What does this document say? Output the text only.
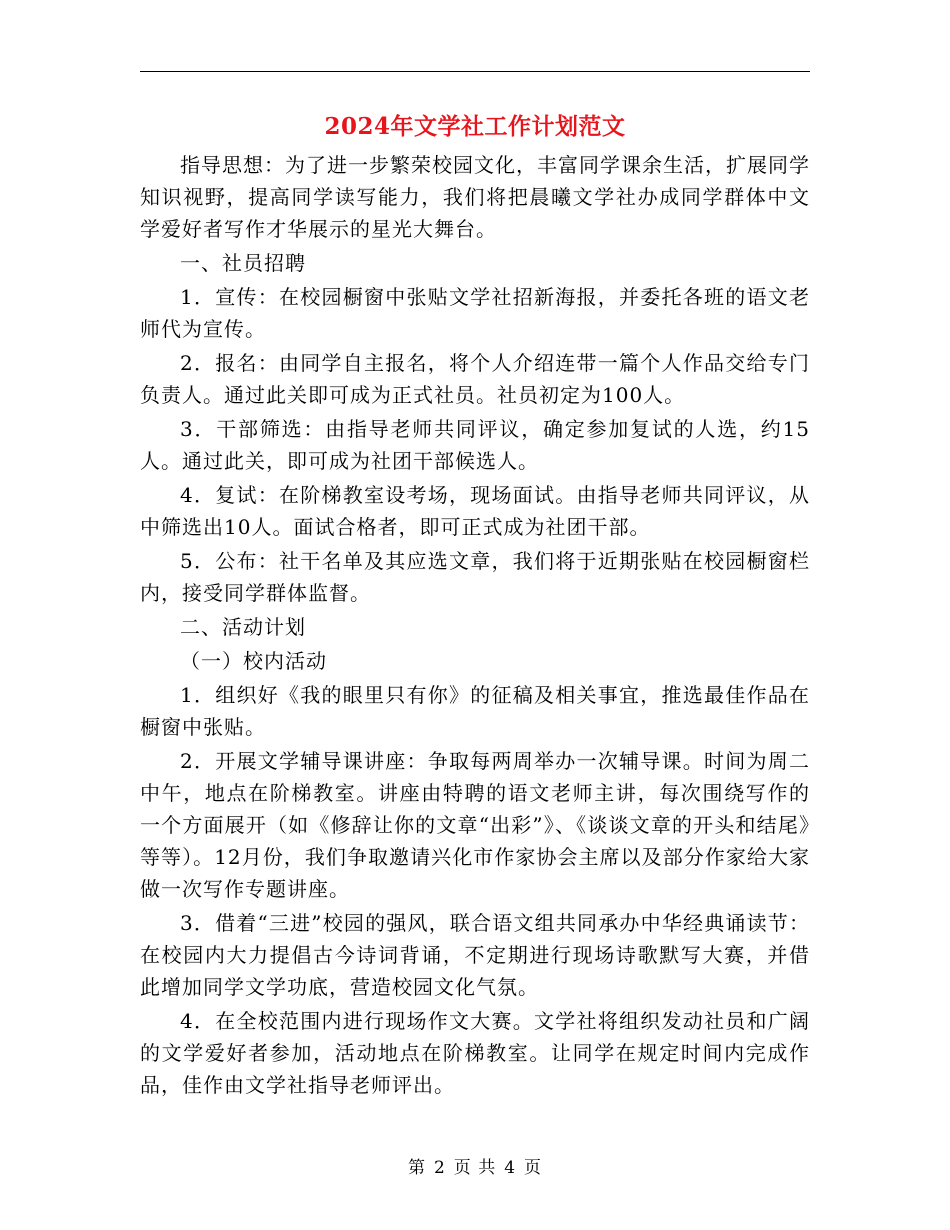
2024年文学社工作计划范文

指导思想：为了进一步繁荣校园文化，丰富同学课余生活，扩展同学知识视野，提高同学读写能力，我们将把晨曦文学社办成同学群体中文学爱好者写作才华展示的星光大舞台。

一、社员招聘

1．宣传：在校园橱窗中张贴文学社招新海报，并委托各班的语文老师代为宣传。

2．报名：由同学自主报名，将个人介绍连带一篇个人作品交给专门负责人。通过此关即可成为正式社员。社员初定为100人。

3．干部筛选：由指导老师共同评议，确定参加复试的人选，约15人。通过此关，即可成为社团干部候选人。

4．复试：在阶梯教室设考场，现场面试。由指导老师共同评议，从中筛选出10人。面试合格者，即可正式成为社团干部。

5．公布：社干名单及其应选文章，我们将于近期张贴在校园橱窗栏内，接受同学群体监督。

二、活动计划

（一）校内活动

1．组织好《我的眼里只有你》的征稿及相关事宜，推选最佳作品在橱窗中张贴。

2．开展文学辅导课讲座：争取每两周举办一次辅导课。时间为周二中午，地点在阶梯教室。讲座由特聘的语文老师主讲，每次围绕写作的一个方面展开（如《修辞让你的文章“出彩”》、《谈谈文章的开头和结尾》等等）。12月份，我们争取邀请兴化市作家协会主席以及部分作家给大家做一次写作专题讲座。

3．借着“三进”校园的强风，联合语文组共同承办中华经典诵读节：在校园内大力提倡古今诗词背诵，不定期进行现场诗歌默写大赛，并借此增加同学文学功底，营造校园文化气氛。

4．在全校范围内进行现场作文大赛。文学社将组织发动社员和广阔的文学爱好者参加，活动地点在阶梯教室。让同学在规定时间内完成作品，佳作由文学社指导老师评出。

第 2 页 共 4 页
